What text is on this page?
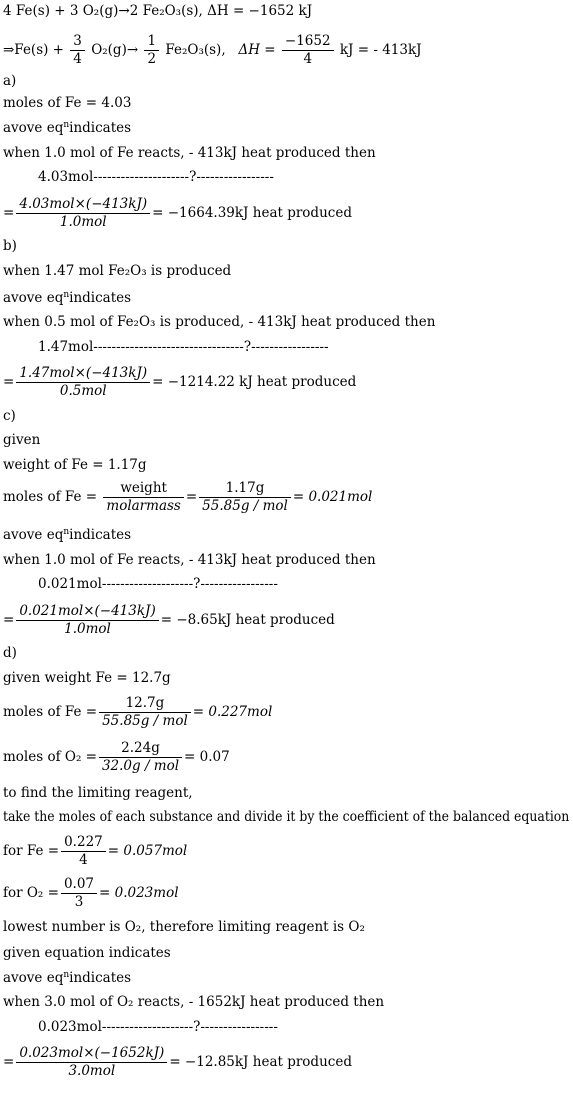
4 Fe(s) + 3 O₂(g)→2 Fe₂O₃(s), ΔH = −1652 kJ
⇒Fe(s) + $\frac{3}{4} O_2(g)\to \frac{1}{2} Fe_2O_3(s)$, $\Delta H = \frac{-1652}{4}$ kJ = - 413kJ
a)
moles of Fe = 4.03
avove $eq^nindicates$
when 1.0 mol of Fe reacts, - 413kJ heat produced then
4.03mol---------------------?-----------------
= $\frac{\text{4.03mol×(−413kJ)}}{\text{1.0mol}} = -1664.39kJ$ heat produced
b)
when 1.47 mol Fe₂O₃ is produced
avove $eq^nindicates$
when 0.5 mol of Fe₂O₃ is produced, - 413kJ heat produced then
1.47mol---------------------------------?-----------------
= $\frac{\text{1.47mol×(−413kJ)}}{\text{0.5mol}} = -1214.22$ kJ heat produced
c)
given
weight of Fe = 1.17g
moles of $Fe = \frac{\text{weight}}{\text{molarmass}} = \frac{1.17g}{\text{55.85g / mol}} = 0.021mol$
avove $eq^nindicates$
when 1.0 mol of Fe reacts, - 413kJ heat produced then
0.021mol--------------------?-----------------
= $\frac{\text{0.021mol×(−413kJ)}}{\text{1.0mol}} = -8.65kJ$ heat produced
d)
given weight Fe = 12.7g
moles of $Fe = \frac{12.7g}{\text{55.85g / mol}} = 0.227mol$
moles of $O_2 = \frac{2.24g}{\text{32.0g / mol}} = 0.07$
to find the limiting reagent,
take the moles of each substance and divide it by the coefficient of the balanced equation
for $Fe = \frac{0.227}{4} = 0.057mol$
for $O_2 = \frac{0.07}{3} = 0.023mol$
lowest number is O₂, therefore limiting reagent is O₂
given equation indicates
avove $eq^nindicates$
when 3.0 mol of O₂ reacts, - 1652kJ heat produced then
0.023mol--------------------?-----------------
= $\frac{\text{0.023mol×(−1652kJ)}}{\text{3.0mol}} = -12.85kJ$ heat produced
